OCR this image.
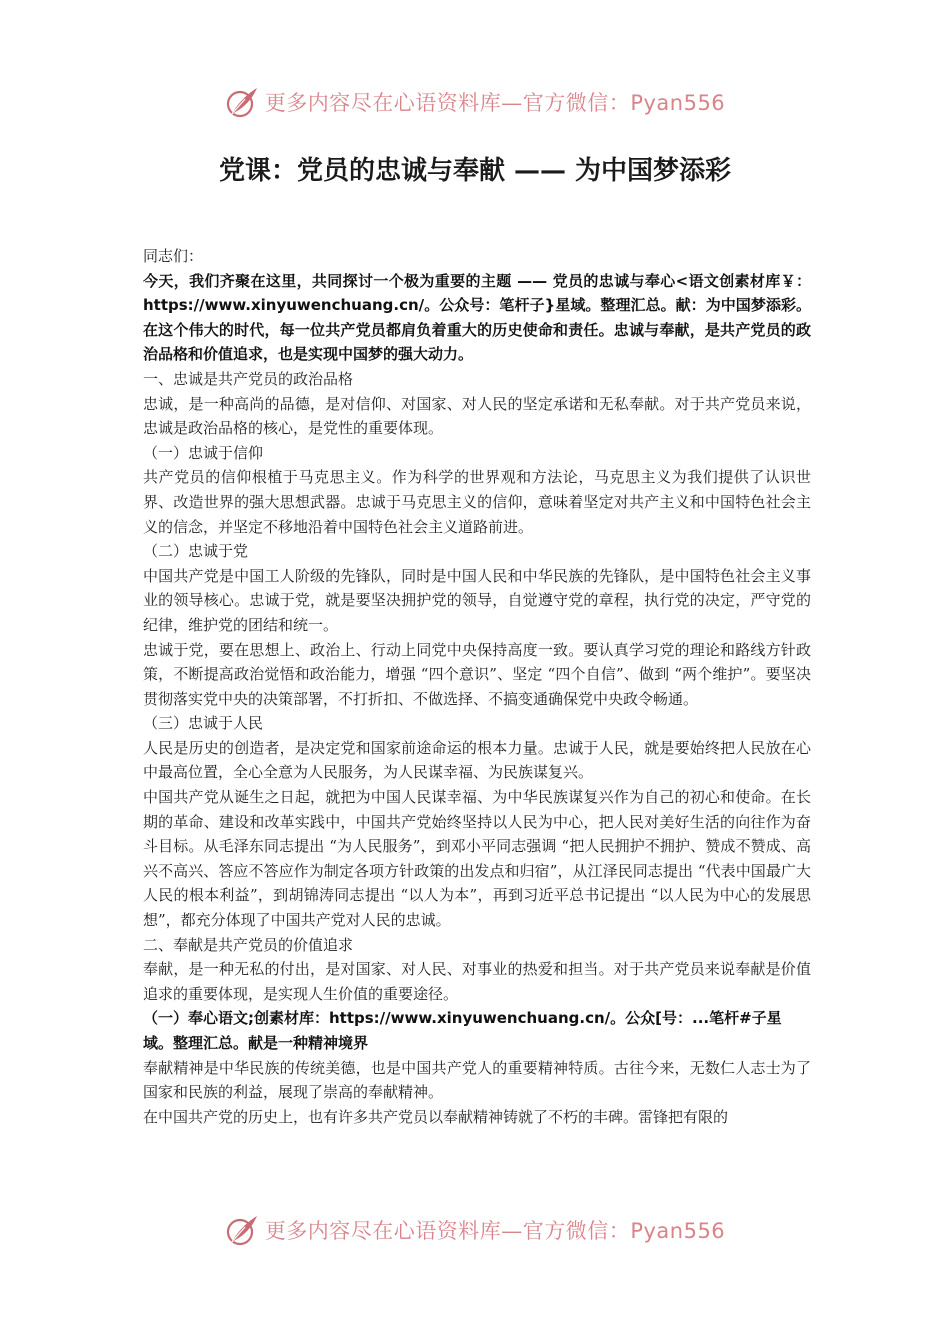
更多内容尽在心语资料库—官方微信：Pyan556
党课：党员的忠诚与奉献 —— 为中国梦添彩

同志们：

今天，我们齐聚在这里，共同探讨一个极为重要的主题 —— 党员的忠诚与奉心<语文创素材库￥：https://www.xinyuwenchuang.cn/。公众号：笔杆子}星域。整理汇总。献：为中国梦添彩。在这个伟大的时代，每一位共产党员都肩负着重大的历史使命和责任。忠诚与奉献，是共产党员的政治品格和价值追求，也是实现中国梦的强大动力。

一、忠诚是共产党员的政治品格

忠诚，是一种高尚的品德，是对信仰、对国家、对人民的坚定承诺和无私奉献。对于共产党员来说，忠诚是政治品格的核心，是党性的重要体现。

（一）忠诚于信仰

共产党员的信仰根植于马克思主义。作为科学的世界观和方法论，马克思主义为我们提供了认识世界、改造世界的强大思想武器。忠诚于马克思主义的信仰，意味着坚定对共产主义和中国特色社会主义的信念，并坚定不移地沿着中国特色社会主义道路前进。

（二）忠诚于党

中国共产党是中国工人阶级的先锋队，同时是中国人民和中华民族的先锋队，是中国特色社会主义事业的领导核心。忠诚于党，就是要坚决拥护党的领导，自觉遵守党的章程，执行党的决定，严守党的纪律，维护党的团结和统一。

忠诚于党，要在思想上、政治上、行动上同党中央保持高度一致。要认真学习党的理论和路线方针政策，不断提高政治觉悟和政治能力，增强 “四个意识”、坚定 “四个自信”、做到 “两个维护”。要坚决贯彻落实党中央的决策部署，不打折扣、不做选择、不搞变通确保党中央政令畅通。

（三）忠诚于人民

人民是历史的创造者，是决定党和国家前途命运的根本力量。忠诚于人民，就是要始终把人民放在心中最高位置，全心全意为人民服务，为人民谋幸福、为民族谋复兴。

中国共产党从诞生之日起，就把为中国人民谋幸福、为中华民族谋复兴作为自己的初心和使命。在长期的革命、建设和改革实践中，中国共产党始终坚持以人民为中心，把人民对美好生活的向往作为奋斗目标。从毛泽东同志提出 “为人民服务”，到邓小平同志强调 “把人民拥护不拥护、赞成不赞成、高兴不高兴、答应不答应作为制定各项方针政策的出发点和归宿”，从江泽民同志提出 “代表中国最广大人民的根本利益”，到胡锦涛同志提出 “以人为本”，再到习近平总书记提出 “以人民为中心的发展思想”，都充分体现了中国共产党对人民的忠诚。

二、奉献是共产党员的价值追求

奉献，是一种无私的付出，是对国家、对人民、对事业的热爱和担当。对于共产党员来说奉献是价值追求的重要体现，是实现人生价值的重要途径。

（一）奉心语文;创素材库：https://www.xinyuwenchuang.cn/。公众[号：...笔杆#子星域。整理汇总。献是一种精神境界

奉献精神是中华民族的传统美德，也是中国共产党人的重要精神特质。古往今来，无数仁人志士为了国家和民族的利益，展现了崇高的奉献精神。

在中国共产党的历史上，也有许多共产党员以奉献精神铸就了不朽的丰碑。雷锋把有限的

更多内容尽在心语资料库—官方微信：Pyan556
